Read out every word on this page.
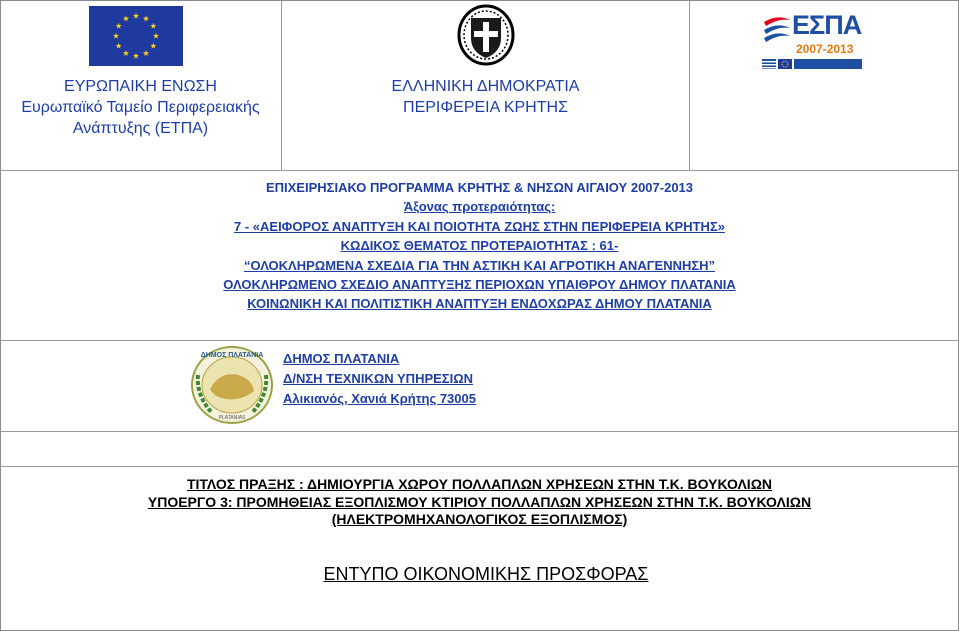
ΕΥΡΩΠΑΙΚΗ ΕΝΩΣΗ
Ευρωπαϊκό Ταμείο Περιφερειακής
Ανάπτυξης (ΕΤΠΑ)
ΕΛΛΗΝΙΚΗ ΔΗΜΟΚΡΑΤΙΑ
ΠΕΡΙΦΕΡΕΙΑ ΚΡΗΤΗΣ
ΕΣΠΑ
2007-2013
ΕΠΙΧΕΙΡΗΣΙΑΚΟ ΠΡΟΓΡΑΜΜΑ ΚΡΗΤΗΣ & ΝΗΣΩΝ ΑΙΓΑΙΟΥ 2007-2013
Άξονας προτεραιότητας:
7 - «ΑΕΙΦΟΡΟΣ ΑΝΑΠΤΥΞΗ ΚΑΙ ΠΟΙΟΤΗΤΑ ΖΩΗΣ ΣΤΗΝ ΠΕΡΙΦΕΡΕΙΑ ΚΡΗΤΗΣ»
ΚΩΔΙΚΟΣ ΘΕΜΑΤΟΣ ΠΡΟΤΕΡΑΙΟΤΗΤΑΣ : 61-
“ΟΛΟΚΛΗΡΩΜΕΝΑ ΣΧΕΔΙΑ ΓΙΑ ΤΗΝ ΑΣΤΙΚΗ ΚΑΙ ΑΓΡΟΤΙΚΗ ΑΝΑΓΕΝΝΗΣΗ”
ΟΛΟΚΛΗΡΩΜΕΝΟ ΣΧΕΔΙΟ ΑΝΑΠΤΥΞΗΣ ΠΕΡΙΟΧΩΝ ΥΠΑΙΘΡΟΥ ΔΗΜΟΥ ΠΛΑΤΑΝΙΑ
ΚΟΙΝΩΝΙΚΗ ΚΑΙ ΠΟΛΙΤΙΣΤΙΚΗ ΑΝΑΠΤΥΞΗ ΕΝΔΟΧΩΡΑΣ ΔΗΜΟΥ ΠΛΑΤΑΝΙΑ
ΔΗΜΟΣ ΠΛΑΤΑΝΙΑ
PLATANIAS
ΔΗΜΟΣ ΠΛΑΤΑΝΙΑ
Δ/ΝΣΗ ΤΕΧΝΙΚΩΝ ΥΠΗΡΕΣΙΩΝ
Αλικιανός, Χανιά Κρήτης 73005
ΤΙΤΛΟΣ ΠΡΑΞΗΣ : ΔΗΜΙΟΥΡΓΙΑ ΧΩΡΟΥ ΠΟΛΛΑΠΛΩΝ ΧΡΗΣΕΩΝ ΣΤΗΝ Τ.Κ. ΒΟΥΚΟΛΙΩΝ
ΥΠΟΕΡΓΟ 3: ΠΡΟΜΗΘΕΙΑΣ ΕΞΟΠΛΙΣΜΟΥ ΚΤΙΡΙΟΥ ΠΟΛΛΑΠΛΩΝ ΧΡΗΣΕΩΝ ΣΤΗΝ Τ.Κ. ΒΟΥΚΟΛΙΩΝ
(ΗΛΕΚΤΡΟΜΗΧΑΝΟΛΟΓΙΚΟΣ ΕΞΟΠΛΙΣΜΟΣ)
ΕΝΤΥΠΟ ΟΙΚΟΝΟΜΙΚΗΣ ΠΡΟΣΦΟΡΑΣ
